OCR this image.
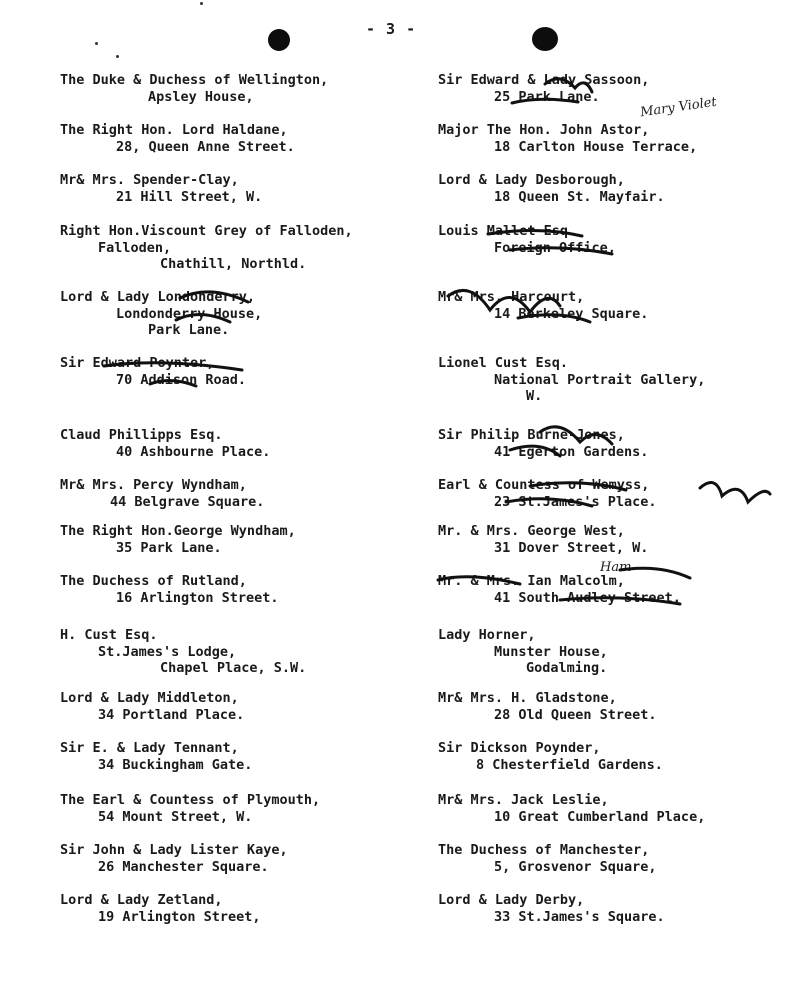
- 3 -
The Duke & Duchess of Wellington,
Apsley House,
The Right Hon. Lord Haldane,
28, Queen Anne Street.
Mr& Mrs. Spender-Clay,
21 Hill Street, W.
Right Hon.Viscount Grey of Falloden,
Falloden,
Chathill, Northld.
Lord & Lady Londonderry,
Londonderry House,
Park Lane.
Sir Edward Poynter,
70 Addison Road.
Claud Phillipps Esq.
40 Ashbourne Place.
Mr& Mrs. Percy Wyndham,
44 Belgrave Square.
The Right Hon.George Wyndham,
35 Park Lane.
The Duchess of Rutland,
16 Arlington Street.
H. Cust Esq.
St.James's Lodge,
Chapel Place, S.W.
Lord & Lady Middleton,
34 Portland Place.
Sir E. & Lady Tennant,
34 Buckingham Gate.
The Earl & Countess of Plymouth,
54 Mount Street, W.
Sir John & Lady Lister Kaye,
26 Manchester Square.
Lord & Lady Zetland,
19 Arlington Street,
Sir Edward & Lady Sassoon,
25 Park Lane.
Major The Hon. John Astor,
18 Carlton House Terrace,
Lord & Lady Desborough,
18 Queen St. Mayfair.
Louis Mallet Esq.
Foreign Office,
Mr& Mrs. Harcourt,
14 Berkeley Square.
Lionel Cust Esq.
National Portrait Gallery,
W.
Sir Philip Burne-Jones,
41 Egerton Gardens.
Earl & Countess of Wemyss,
23 St.James's Place.
Mr. & Mrs. George West,
31 Dover Street, W.
Mr. & Mrs. Ian Malcolm,
41 South Audley Street.
Lady Horner,
Munster House,
Godalming.
Mr& Mrs. H. Gladstone,
28 Old Queen Street.
Sir Dickson Poynder,
8 Chesterfield Gardens.
Mr& Mrs. Jack Leslie,
10 Great Cumberland Place,
The Duchess of Manchester,
5, Grosvenor Square,
Lord & Lady Derby,
33 St.James's Square.
Mary Violet
Ham
